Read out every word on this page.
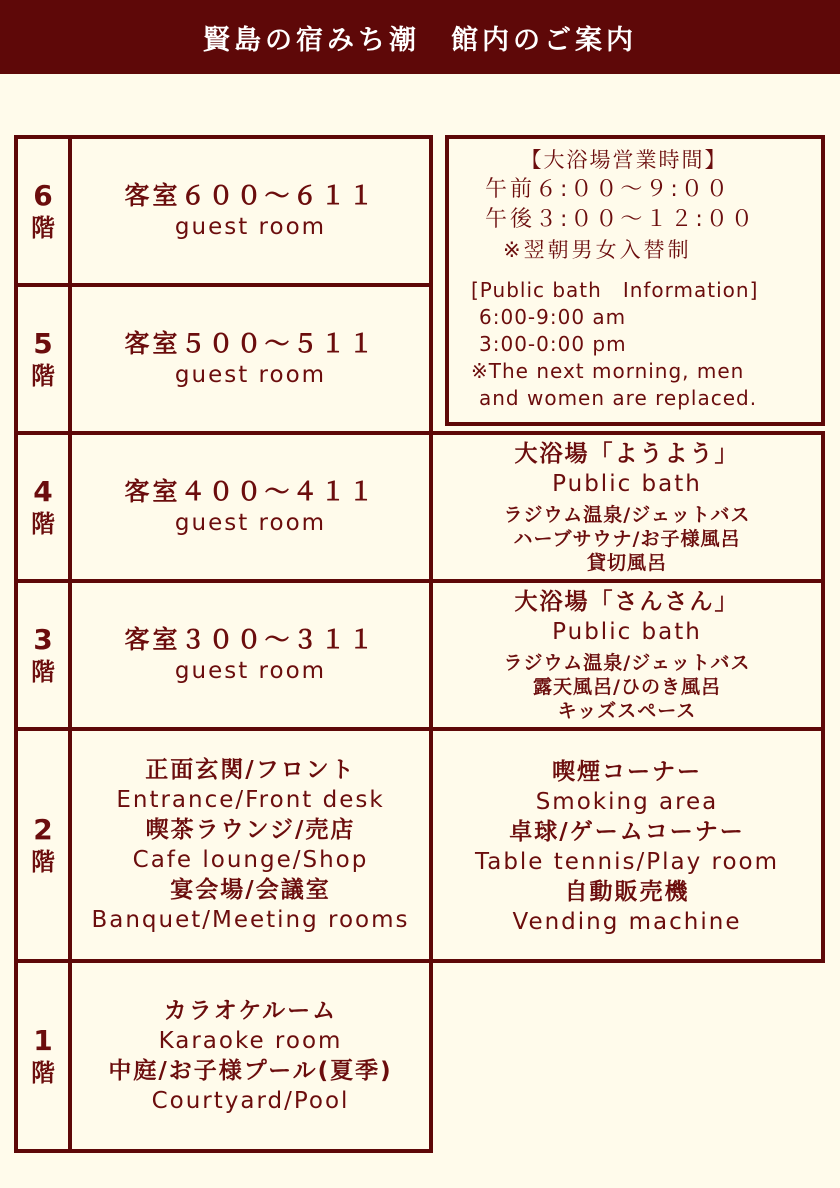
賢島の宿みち潮　館内のご案内
6
階
5
階
4
階
3
階
2
階
1
階
客室６００～６１１
guest room
客室５００～５１１
guest room
客室４００～４１１
guest room
客室３００～３１１
guest room
正面玄関/フロント
Entrance/Front desk
喫茶ラウンジ/売店
Cafe lounge/Shop
宴会場/会議室
Banquet/Meeting rooms
カラオケルーム
Karaoke room
中庭/お子様プール(夏季)
Courtyard/Pool
【大浴場営業時間】
午前６:００～９:００
午後３:００～１２:００
※翌朝男女入替制
[Public bath　Information]
6:00-9:00 am
3:00-0:00 pm
※The next morning, men
and women are replaced.
大浴場「ようよう」
Public bath
ラジウム温泉/ジェットバス
ハーブサウナ/お子様風呂
貸切風呂
大浴場「さんさん」
Public bath
ラジウム温泉/ジェットバス
露天風呂/ひのき風呂
キッズスペース
喫煙コーナー
Smoking area
卓球/ゲームコーナー
Table tennis/Play room
自動販売機
Vending machine
